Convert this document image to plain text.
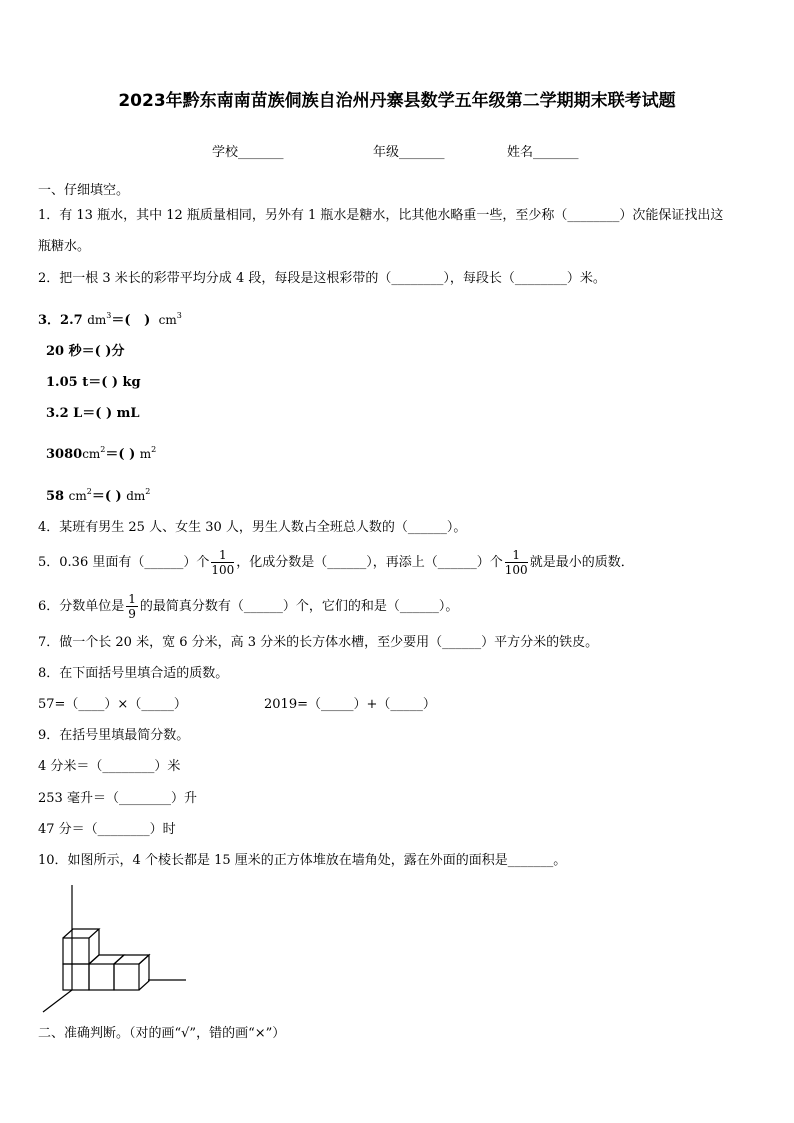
2023年黔东南南苗族侗族自治州丹寨县数学五年级第二学期期末联考试题
学校_______	年级_______	姓名_______
一、仔细填空。
1．有 13 瓶水，其中 12 瓶质量相同，另外有 1 瓶水是糖水，比其他水略重一些，至少称（________）次能保证找出这
瓶糖水。
2．把一根 3 米长的彩带平均分成 4 段，每段是这根彩带的（________），每段长（________）米。
3．2.7 $dm^3=$( ) $cm^3$
20 秒＝( )分
1.05 t＝( ) kg
3.2 L＝( ) mL
$3080cm^2=$( ) $m^2$
58 $cm^2=$( ) $dm^2$
4．某班有男生 25 人、女生 30 人，男生人数占全班总人数的（______）。
5．0.36 里面有（______）个 $\frac{1}{100}$ ，化成分数是（______），再添上（______）个 $\frac{1}{100}$ 就是最小的质数．
6．分数单位是 $\frac{1}{9}$ 的最简真分数有（______）个，它们的和是（______）。
7．做一个长 20 米，宽 6 分米，高 3 分米的长方体水槽，至少要用（______）平方分米的铁皮。
8．在下面括号里填合适的质数。
57=（____）×（_____）	2019=（_____）+（_____）
9．在括号里填最简分数。
4 分米＝（________）米
253 毫升＝（________）升
47 分＝（________）时
10．如图所示，4 个棱长都是 15 厘米的正方体堆放在墙角处，露在外面的面积是_______。
二、准确判断。（对的画“√”，错的画“×”）
